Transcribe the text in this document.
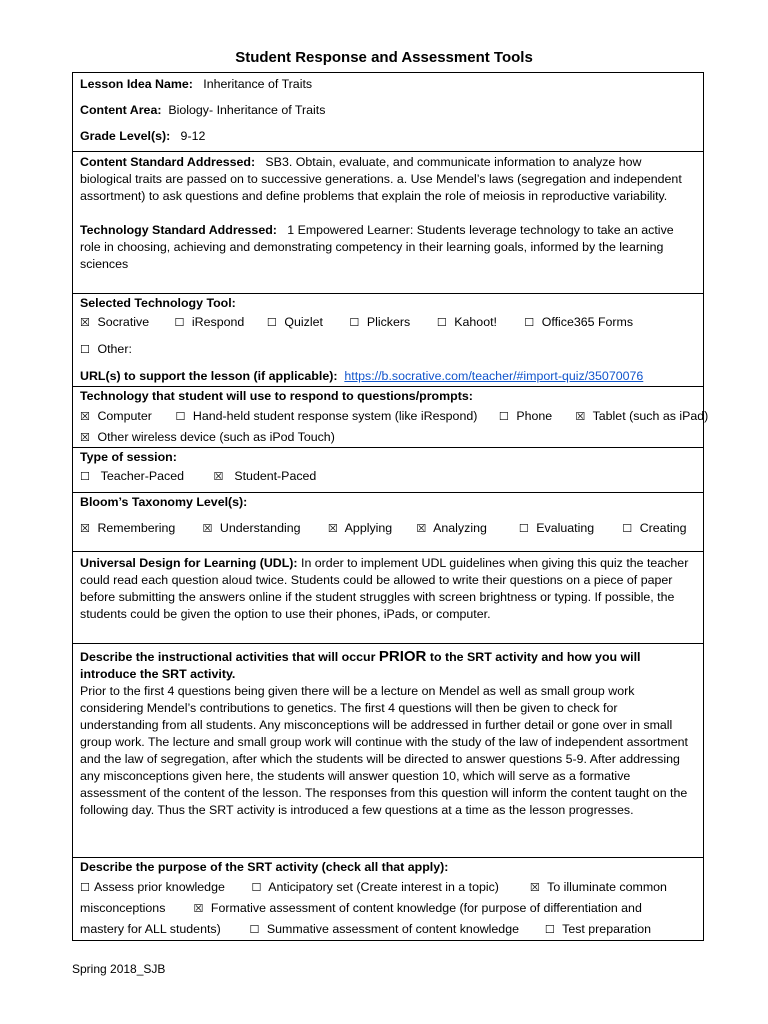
Student Response and Assessment Tools
Lesson Idea Name: Inheritance of Traits
Content Area: Biology- Inheritance of Traits
Grade Level(s): 9-12

Content Standard Addressed: SB3. Obtain, evaluate, and communicate information to analyze how biological traits are passed on to successive generations. a. Use Mendel’s laws (segregation and independent assortment) to ask questions and define problems that explain the role of meiosis in reproductive variability.

Technology Standard Addressed: 1 Empowered Learner: Students leverage technology to take an active role in choosing, achieving and demonstrating competency in their learning goals, informed by the learning sciences

Selected Technology Tool:
☒ Socrative ☐ iRespond ☐ Quizlet ☐ Plickers ☐ Kahoot! ☐ Office365 Forms
☐ Other:
URL(s) to support the lesson (if applicable): https://b.socrative.com/teacher/#import-quiz/35070076
Technology that student will use to respond to questions/prompts:
☒ Computer ☐ Hand-held student response system (like iRespond) ☐ Phone ☒ Tablet (such as iPad)
☒ Other wireless device (such as iPod Touch)
Type of session:
☐ Teacher-Paced	☒ Student-Paced
Bloom’s Taxonomy Level(s):
☒ Remembering ☒ Understanding ☒ Applying ☒ Analyzing	☐ Evaluating	☐ Creating

Universal Design for Learning (UDL): In order to implement UDL guidelines when giving this quiz the teacher could read each question aloud twice. Students could be allowed to write their questions on a piece of paper before submitting the answers online if the student struggles with screen brightness or typing. If possible, the students could be given the option to use their phones, iPads, or computer.

Describe the instructional activities that will occur PRIOR to the SRT activity and how you will introduce the SRT activity.

Prior to the first 4 questions being given there will be a lecture on Mendel as well as small group work considering Mendel’s contributions to genetics. The first 4 questions will then be given to check for understanding from all students. Any misconceptions will be addressed in further detail or gone over in small group work. The lecture and small group work will continue with the study of the law of independent assortment and the law of segregation, after which the students will be directed to answer questions 5-9. After addressing any misconceptions given here, the students will answer question 10, which will serve as a formative assessment of the content of the lesson. The responses from this question will inform the content taught on the following day. Thus the SRT activity is introduced a few questions at a time as the lesson progresses.

Describe the purpose of the SRT activity (check all that apply):
☐ Assess prior knowledge ☐ Anticipatory set (Create interest in a topic)	☒ To illuminate common
misconceptions	☒ Formative assessment of content knowledge (for purpose of differentiation and
mastery for ALL students)	☐ Summative assessment of content knowledge ☐ Test preparation
Spring 2018_SJB
